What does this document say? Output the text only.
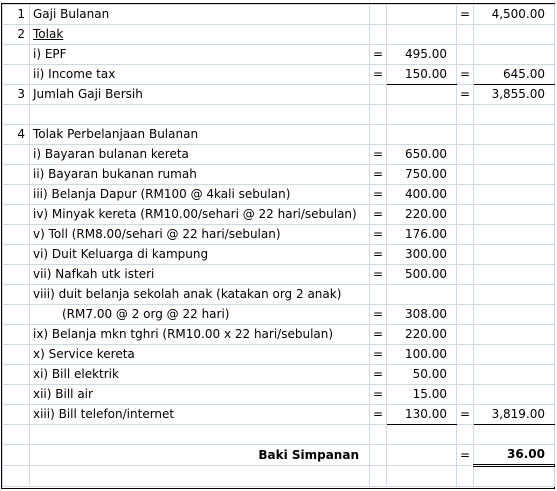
1	Gaji Bulanan			=	4,500.00
2	Tolak				
	i) EPF	=	495.00		
	ii) Income tax	=	150.00	=	645.00
3	Jumlah Gaji Bersih			=	3,855.00

4	Tolak Perbelanjaan Bulanan				
	i) Bayaran bulanan kereta	=	650.00		
	ii) Bayaran bukanan rumah	=	750.00		
	iii) Belanja Dapur (RM100 @ 4kali sebulan)	=	400.00		
	iv) Minyak kereta (RM10.00/sehari @ 22 hari/sebulan)	=	220.00		
	v) Toll (RM8.00/sehari @ 22 hari/sebulan)	=	176.00		
	vi) Duit Keluarga di kampung	=	300.00		
	vii) Nafkah utk isteri	=	500.00		
	viii) duit belanja sekolah anak (katakan org 2 anak)				
	(RM7.00 @ 2 org @ 22 hari)	=	308.00		
	ix) Belanja mkn tghri (RM10.00 x 22 hari/sebulan)	=	220.00		
	x) Service kereta	=	100.00		
	xi) Bill elektrik	=	50.00		
	xii) Bill air	=	15.00		
	xiii) Bill telefon/internet	=	130.00	=	3,819.00

	Baki Simpanan			=	36.00
